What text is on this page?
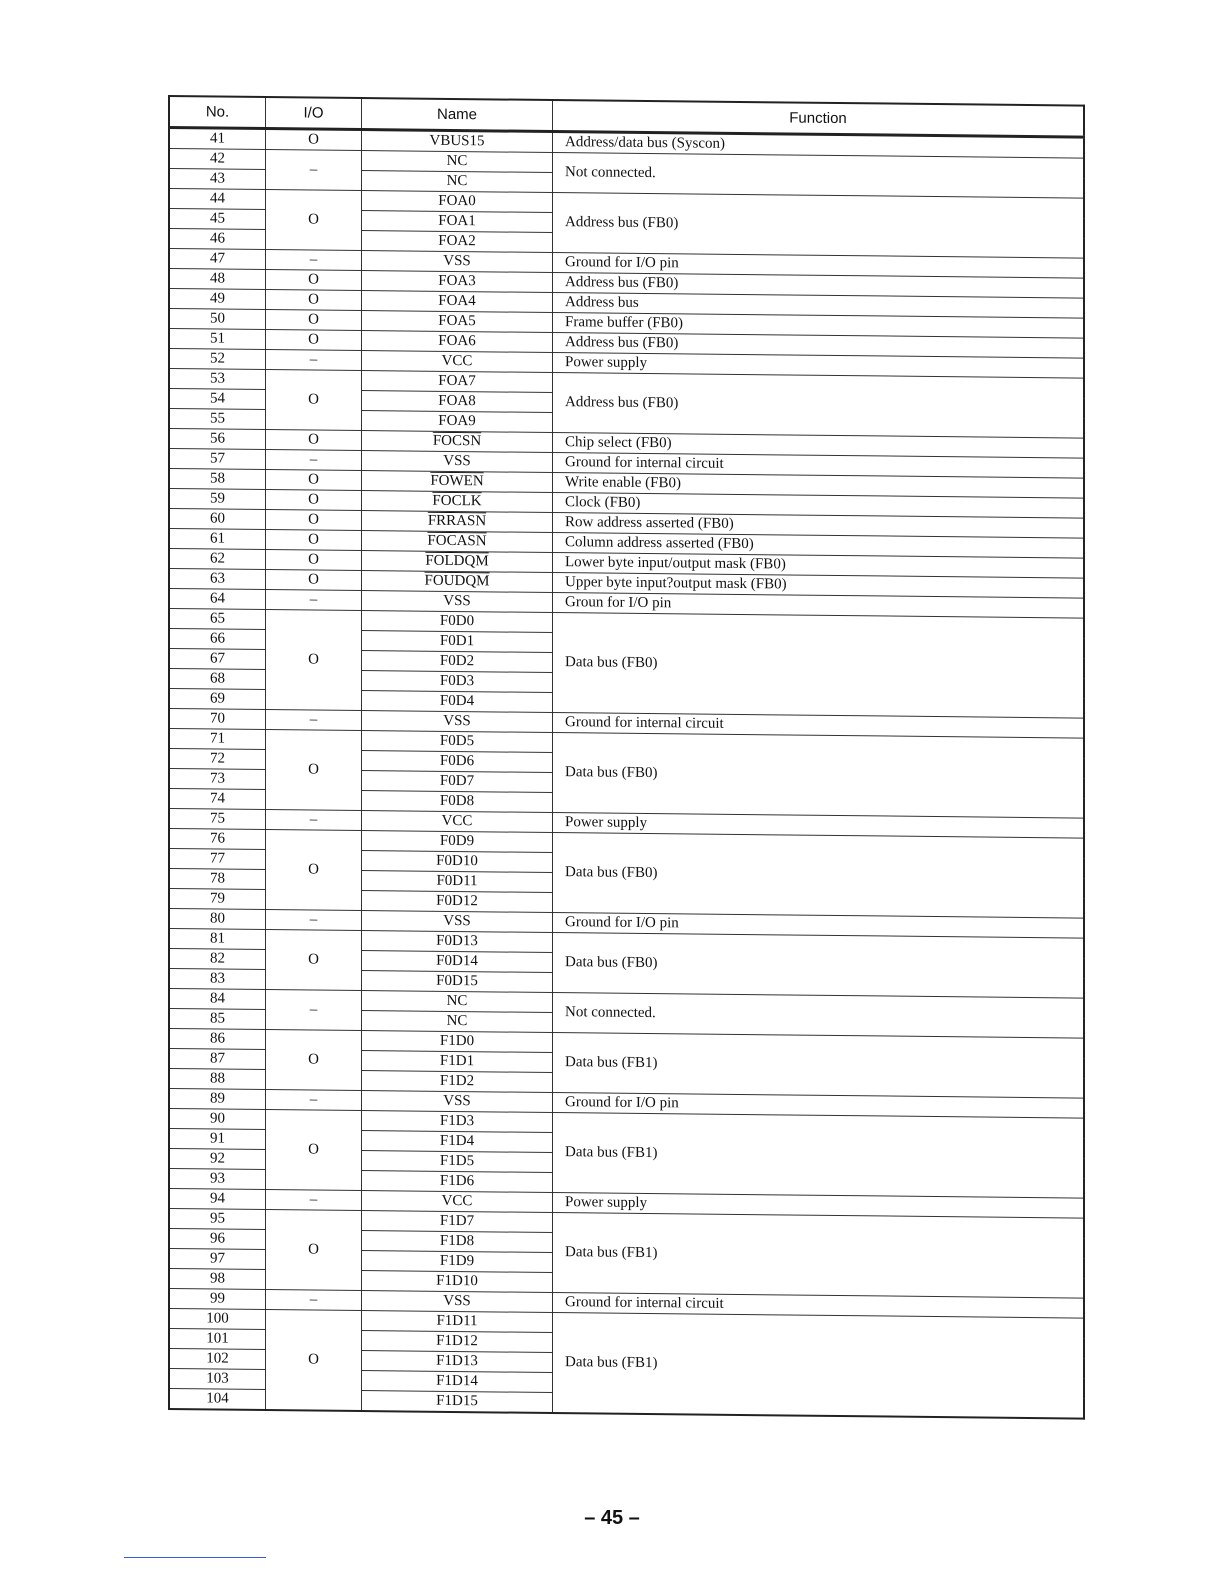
No.	I/O	Name	Function
41	O	VBUS15	Address/data bus (Syscon)
42	–	NC	Not connected.
43		NC	
44	O	FOA0	Address bus (FB0)
45		FOA1	
46		FOA2	
47	–	VSS	Ground for I/O pin
48	O	FOA3	Address bus (FB0)
49	O	FOA4	Address bus
50	O	FOA5	Frame buffer (FB0)
51	O	FOA6	Address bus (FB0)
52	–	VCC	Power supply
53	O	FOA7	Address bus (FB0)
54		FOA8	
55		FOA9	
56	O	FOCSN	Chip select (FB0)
57	–	VSS	Ground for internal circuit
58	O	FOWEN	Write enable (FB0)
59	O	FOCLK	Clock (FB0)
60	O	FRRASN	Row address asserted (FB0)
61	O	FOCASN	Column address asserted (FB0)
62	O	FOLDQM	Lower byte input/output mask (FB0)
63	O	FOUDQM	Upper byte input?output mask (FB0)
64	–	VSS	Groun for I/O pin
65	O	F0D0	Data bus (FB0)
66		F0D1	
67		F0D2	
68		F0D3	
69		F0D4	
70	–	VSS	Ground for internal circuit
71	O	F0D5	Data bus (FB0)
72		F0D6	
73		F0D7	
74		F0D8	
75	–	VCC	Power supply
76	O	F0D9	Data bus (FB0)
77		F0D10	
78		F0D11	
79		F0D12	
80	–	VSS	Ground for I/O pin
81	O	F0D13	Data bus (FB0)
82		F0D14	
83		F0D15	
84	–	NC	Not connected.
85		NC	
86	O	F1D0	Data bus (FB1)
87		F1D1	
88		F1D2	
89	–	VSS	Ground for I/O pin
90	O	F1D3	Data bus (FB1)
91		F1D4	
92		F1D5	
93		F1D6	
94	–	VCC	Power supply
95	O	F1D7	Data bus (FB1)
96		F1D8	
97		F1D9	
98		F1D10	
99	–	VSS	Ground for internal circuit
100	O	F1D11	Data bus (FB1)
101		F1D12	
102		F1D13	
103		F1D14	
104		F1D15	
– 45 –
